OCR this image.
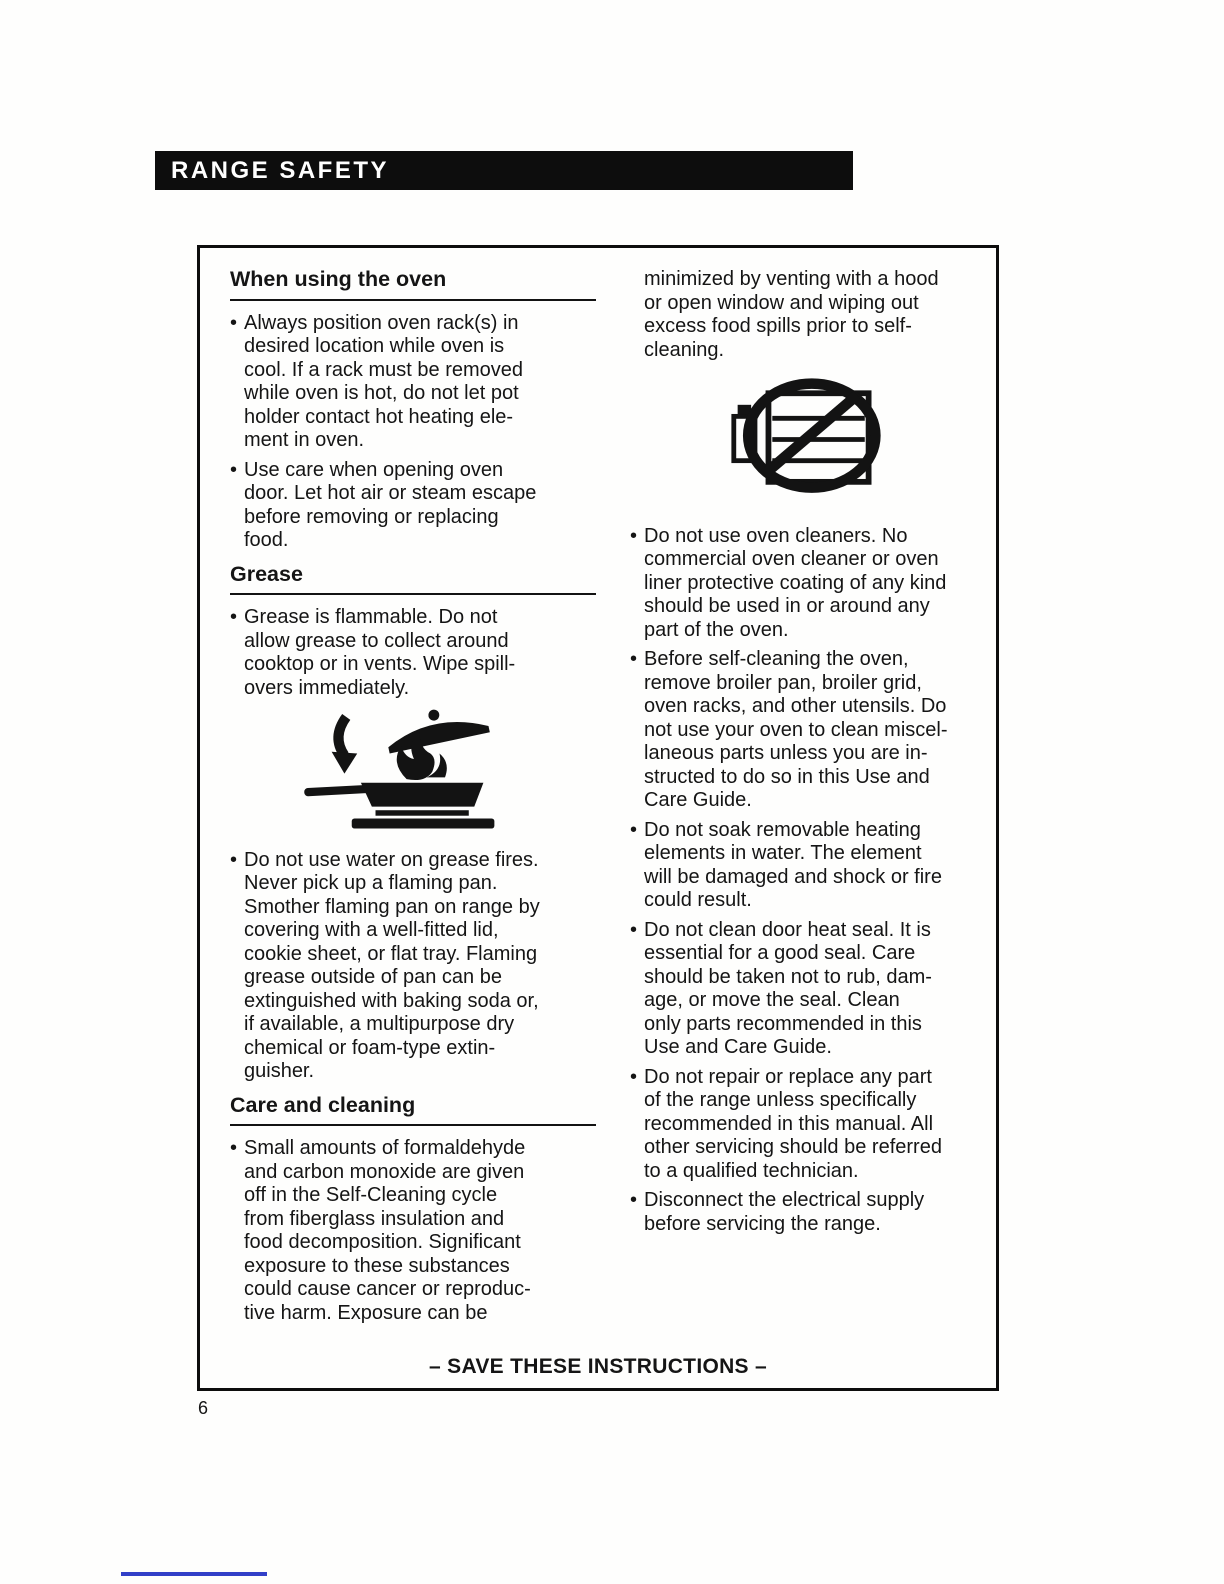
RANGE SAFETY
When using the oven

• Always position oven rack(s) in
desired location while oven is
cool. If a rack must be removed
while oven is hot, do not let pot
holder contact hot heating ele-
ment in oven.

• Use care when opening oven
door. Let hot air or steam escape
before removing or replacing
food.

Grease

• Grease is flammable. Do not
allow grease to collect around
cooktop or in vents. Wipe spill-
overs immediately.

• Do not use water on grease fires.
Never pick up a flaming pan.
Smother flaming pan on range by
covering with a well-fitted lid,
cookie sheet, or flat tray. Flaming
grease outside of pan can be
extinguished with baking soda or,
if available, a multipurpose dry
chemical or foam-type extin-
guisher.

Care and cleaning

• Small amounts of formaldehyde
and carbon monoxide are given
off in the Self-Cleaning cycle
from fiberglass insulation and
food decomposition. Significant
exposure to these substances
could cause cancer or reproduc-
tive harm. Exposure can be

minimized by venting with a hood
or open window and wiping out
excess food spills prior to self-
cleaning.

• Do not use oven cleaners. No
commercial oven cleaner or oven
liner protective coating of any kind
should be used in or around any
part of the oven.

• Before self-cleaning the oven,
remove broiler pan, broiler grid,
oven racks, and other utensils. Do
not use your oven to clean miscel-
laneous parts unless you are in-
structed to do so in this Use and
Care Guide.

• Do not soak removable heating
elements in water. The element
will be damaged and shock or fire
could result.

• Do not clean door heat seal. It is
essential for a good seal. Care
should be taken not to rub, dam-
age, or move the seal. Clean
only parts recommended in this
Use and Care Guide.

• Do not repair or replace any part
of the range unless specifically
recommended in this manual. All
other servicing should be referred
to a qualified technician.

• Disconnect the electrical supply
before servicing the range.

– SAVE THESE INSTRUCTIONS –
6
